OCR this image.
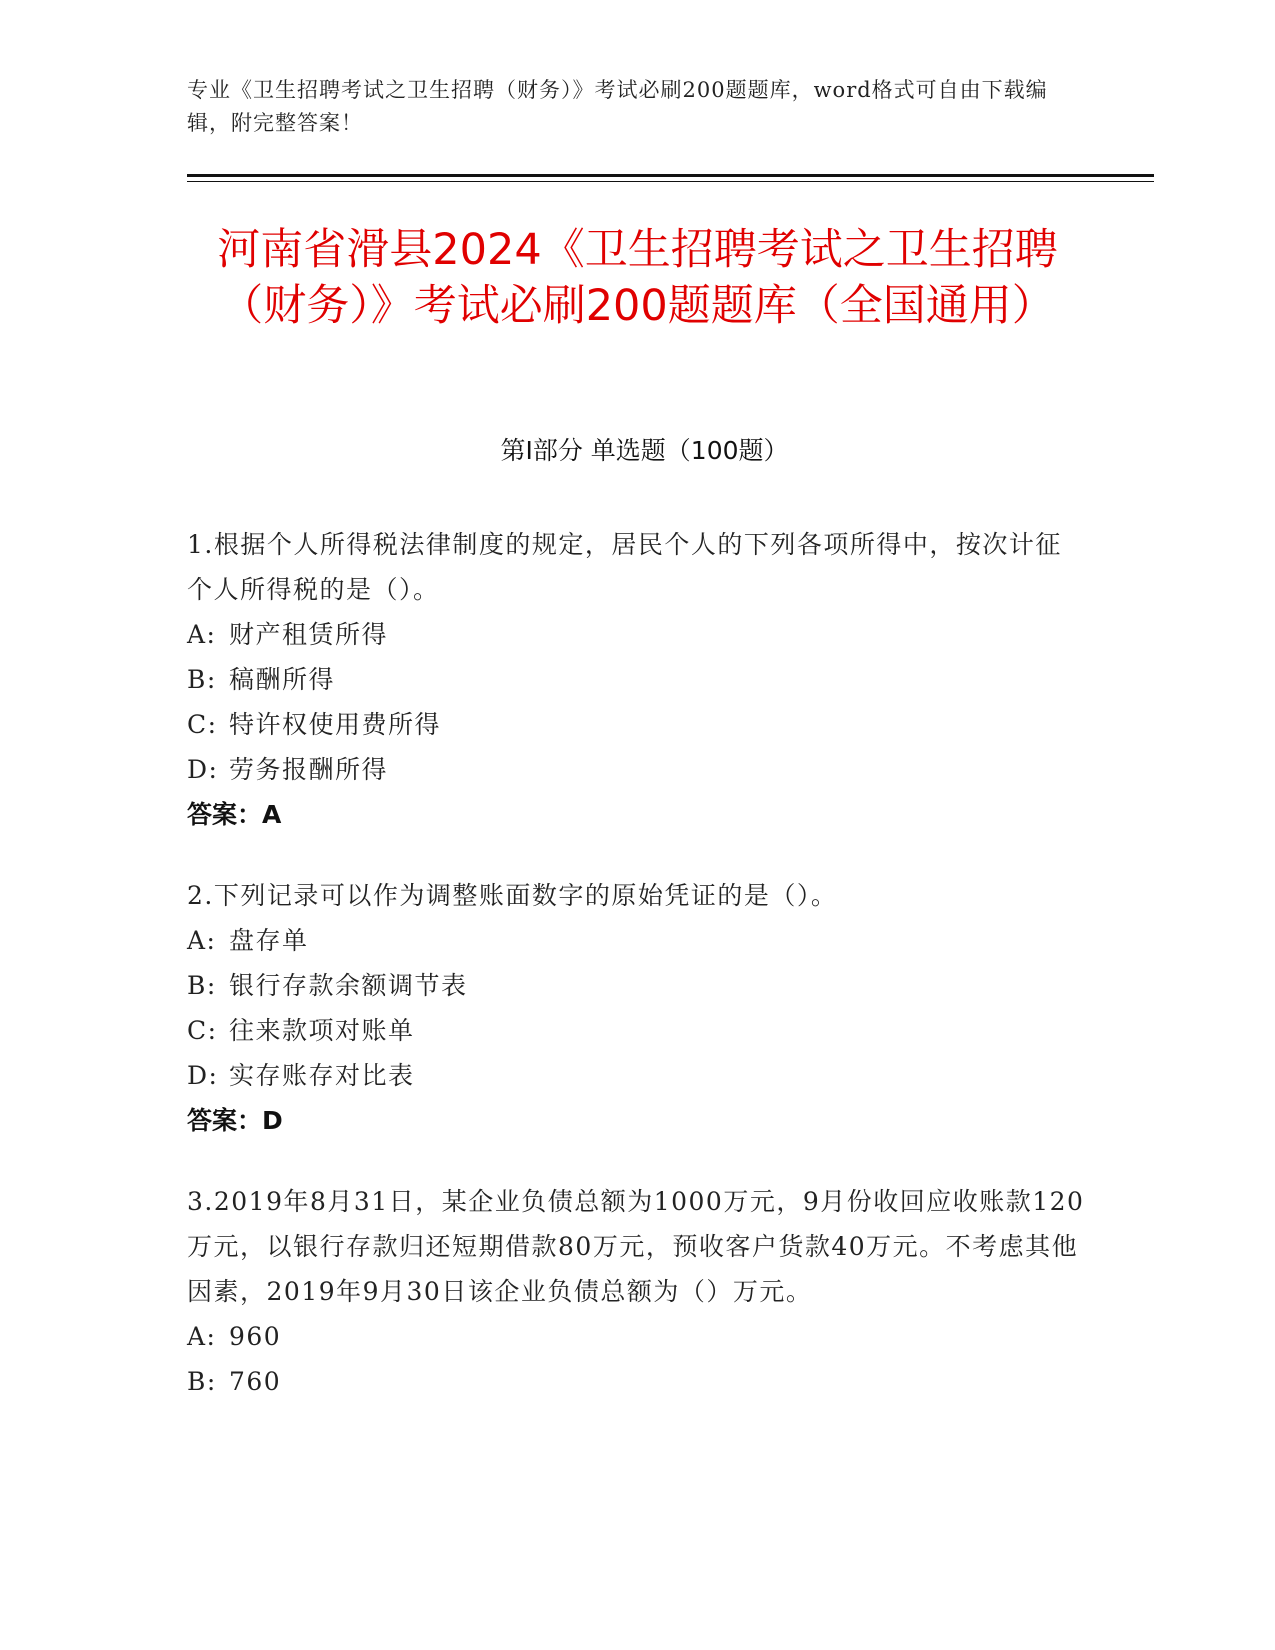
专业《卫生招聘考试之卫生招聘（财务）》考试必刷200题题库，word格式可自由下载编辑，附完整答案！
河南省滑县2024《卫生招聘考试之卫生招聘（财务）》考试必刷200题题库（全国通用）
第I部分 单选题（100题）
1.根据个人所得税法律制度的规定，居民个人的下列各项所得中，按次计征个人所得税的是（）。
A: 财产租赁所得
B: 稿酬所得
C: 特许权使用费所得
D: 劳务报酬所得
答案：A
2.下列记录可以作为调整账面数字的原始凭证的是（）。
A: 盘存单
B: 银行存款余额调节表
C: 往来款项对账单
D: 实存账存对比表
答案：D
3.2019年8月31日，某企业负债总额为1000万元，9月份收回应收账款120万元，以银行存款归还短期借款80万元，预收客户货款40万元。不考虑其他因素，2019年9月30日该企业负债总额为（）万元。
A: 960
B: 760
